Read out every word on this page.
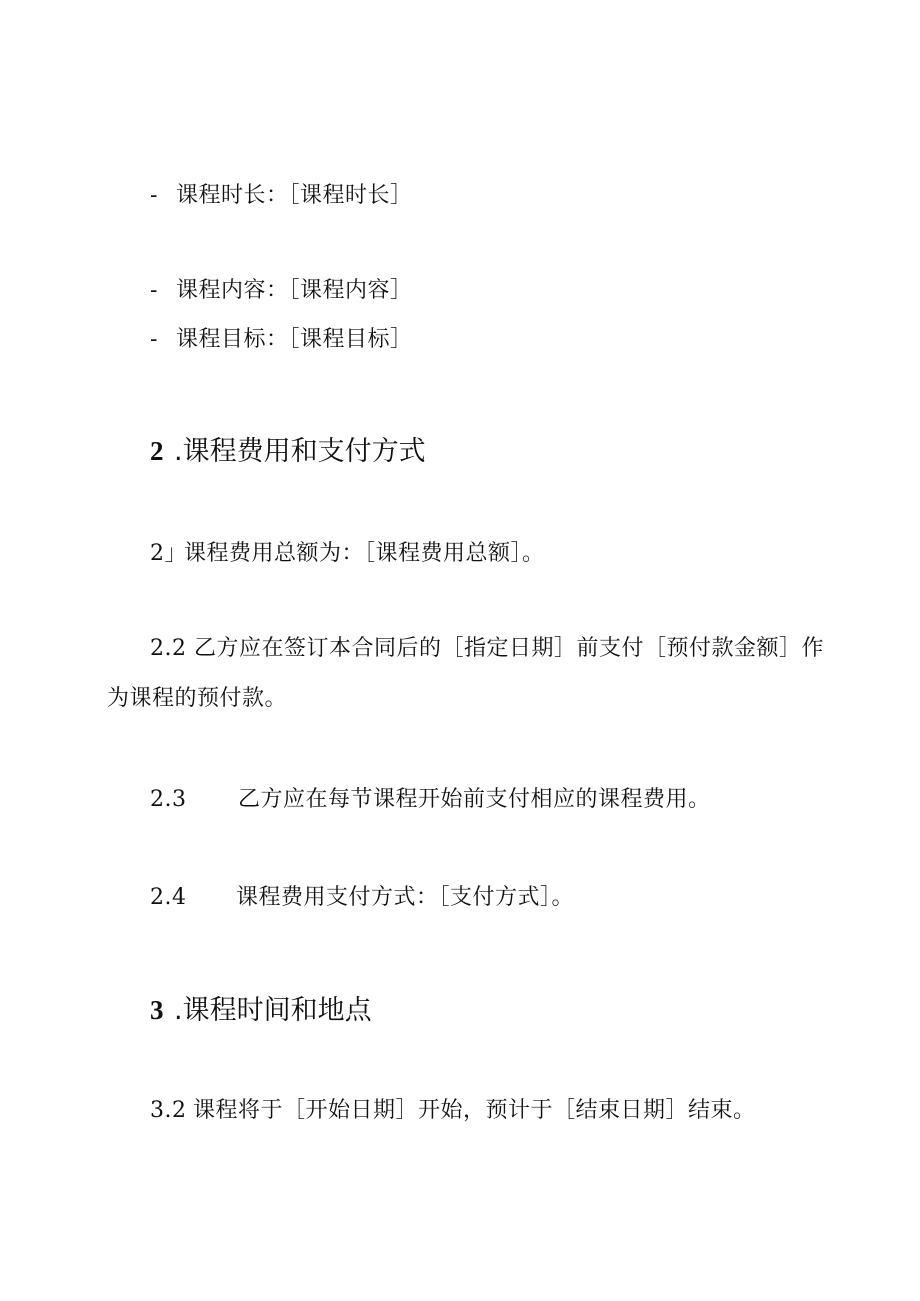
- 课程时长：［课程时长］
- 课程内容：［课程内容］
- 课程目标：［课程目标］
2 .课程费用和支付方式
2」课程费用总额为：［课程费用总额］。
2.2 乙方应在签订本合同后的［指定日期］前支付［预付款金额］作为课程的预付款。
2.3 乙方应在每节课程开始前支付相应的课程费用。
2.4 课程费用支付方式：［支付方式］。
3 .课程时间和地点
3.2 课程将于［开始日期］开始，预计于［结束日期］结束。
